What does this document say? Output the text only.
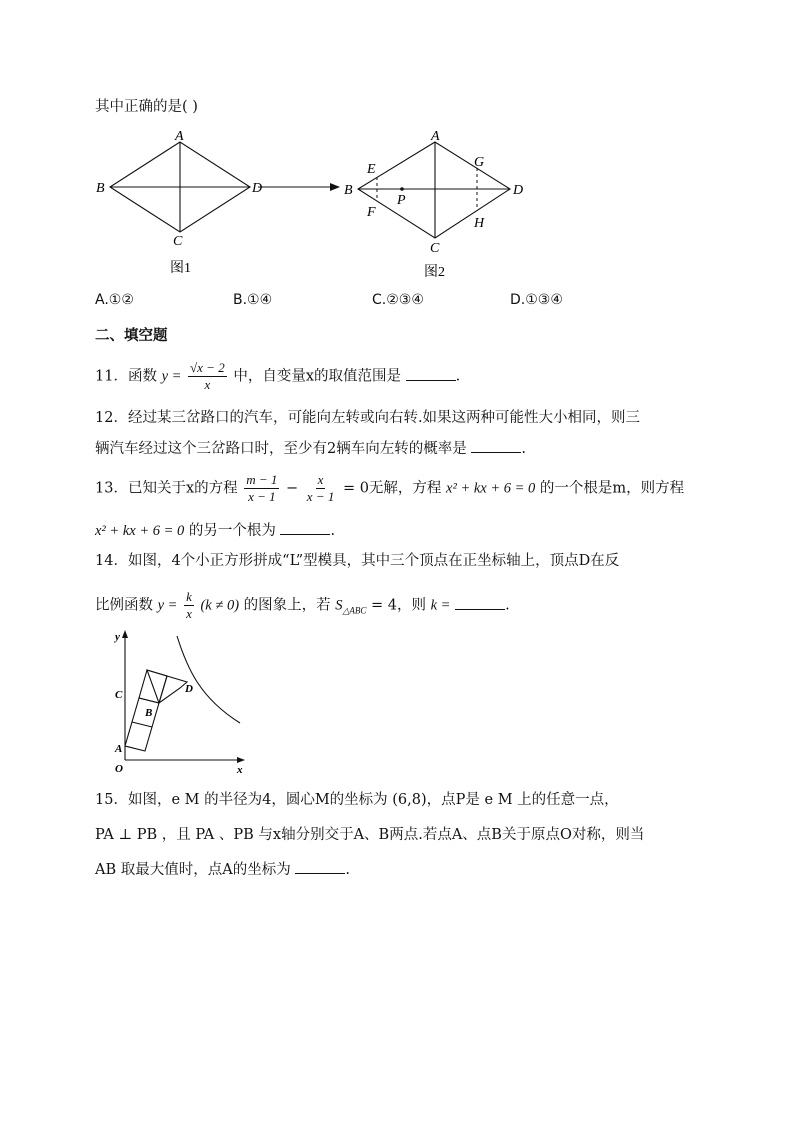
其中正确的是( )
A
B
C
D
图1
A
B
C
D
E
F
G
H
P
图2
A.①②	B.①④	C.②③④	D.①③④
二、填空题
11．函数 $y = \frac{√x - 2}{x}$ 中，自变量x的取值范围是	.
12．经过某三岔路口的汽车，可能向左转或向右转.如果这两种可能性大小相同，则三
辆汽车经过这个三岔路口时，至少有2辆车向左转的概率是	.
13．已知关于x的方程 $\frac{m - 1}{x - 1} - \frac{x}{x - 1} = 0$无解，方程 x² + kx + 6 = 0 的一个根是m，则方程
x² + kx + 6 = 0 的另一个根为	.
14．如图，4个小正方形拼成“L”型模具，其中三个顶点在正坐标轴上，顶点D在反
比例函数 $y = \frac{k}{x} (k \ne 0)$ 的图象上，若 $S_{\triangle ABC} = 4$，则 k =	.
y
x
O
A
B
C	D
15．如图，e M 的半径为4，圆心M的坐标为 (6,8)，点P是 e M 上的任意一点，
PA ⊥ PB ，且 PA 、PB 与x轴分别交于A、B两点.若点A、点B关于原点O对称，则当
AB 取最大值时，点A的坐标为	.
